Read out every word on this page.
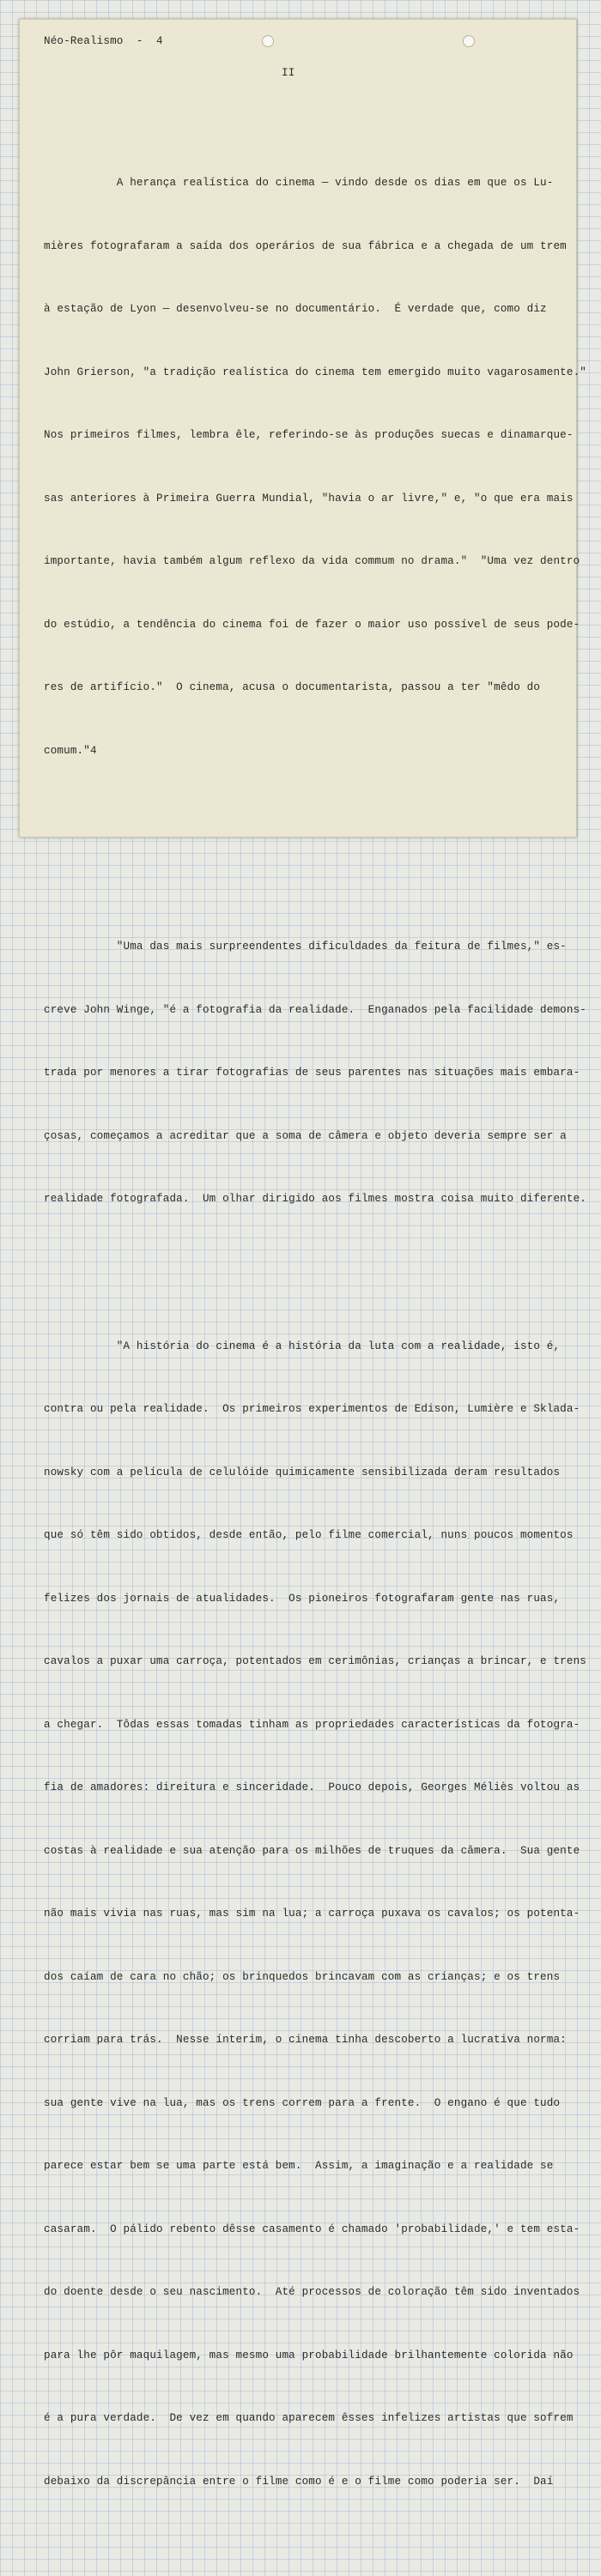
Néo-Realismo  -  4
II

A herança realística do cinema — vindo desde os dias em que os Lu-

mières fotografaram a saída dos operários de sua fábrica e a chegada de um trem

à estação de Lyon — desenvolveu-se no documentário.  É verdade que, como diz

John Grierson, "a tradição realística do cinema tem emergido muito vagarosamente."

Nos primeiros filmes, lembra êle, referindo-se às produções suecas e dinamarque-

sas anteriores à Primeira Guerra Mundial, "havia o ar livre," e, "o que era mais

importante, havia também algum reflexo da vida commum no drama."  "Uma vez dentro

do estúdio, a tendência do cinema foi de fazer o maior uso possível de seus pode-

res de artifício."  O cinema, acusa o documentarista, passou a ter "mêdo do

comum."4

"Uma das mais surpreendentes dificuldades da feitura de filmes," es-

creve John Winge, "é a fotografia da realidade.  Enganados pela facilidade demons-

trada por menores a tirar fotografias de seus parentes nas situações mais embara-

çosas, começamos a acreditar que a soma de câmera e objeto deveria sempre ser a

realidade fotografada.  Um olhar dirigido aos filmes mostra coisa muito diferente.

"A história do cinema é a história da luta com a realidade, isto é,

contra ou pela realidade.  Os primeiros experimentos de Edison, Lumière e Sklada-

nowsky com a película de celulóide quimicamente sensibilizada deram resultados

que só têm sido obtidos, desde então, pelo filme comercial, nuns poucos momentos

felizes dos jornais de atualidades.  Os pioneiros fotografaram gente nas ruas,

cavalos a puxar uma carroça, potentados em cerimônias, crianças a brincar, e trens

a chegar.  Tôdas essas tomadas tinham as propriedades características da fotogra-

fia de amadores: direitura e sinceridade.  Pouco depois, Georges Méliès voltou as

costas à realidade e sua atenção para os milhões de truques da câmera.  Sua gente

não mais vivia nas ruas, mas sim na lua; a carroça puxava os cavalos; os potenta-

dos caíam de cara no chão; os brinquedos brincavam com as crianças; e os trens

corriam para trás.  Nesse ínterim, o cinema tinha descoberto a lucrativa norma:

sua gente vive na lua, mas os trens correm para a frente.  O engano é que tudo

parece estar bem se uma parte está bem.  Assim, a imaginação e a realidade se

casaram.  O pálido rebento dêsse casamento é chamado 'probabilidade,' e tem esta-

do doente desde o seu nascimento.  Até processos de coloração têm sido inventados

para lhe pôr maquilagem, mas mesmo uma probabilidade brilhantemente colorida não

é a pura verdade.  De vez em quando aparecem êsses infelizes artistas que sofrem

debaixo da discrepância entre o filme como é e o filme como poderia ser.  Daí
